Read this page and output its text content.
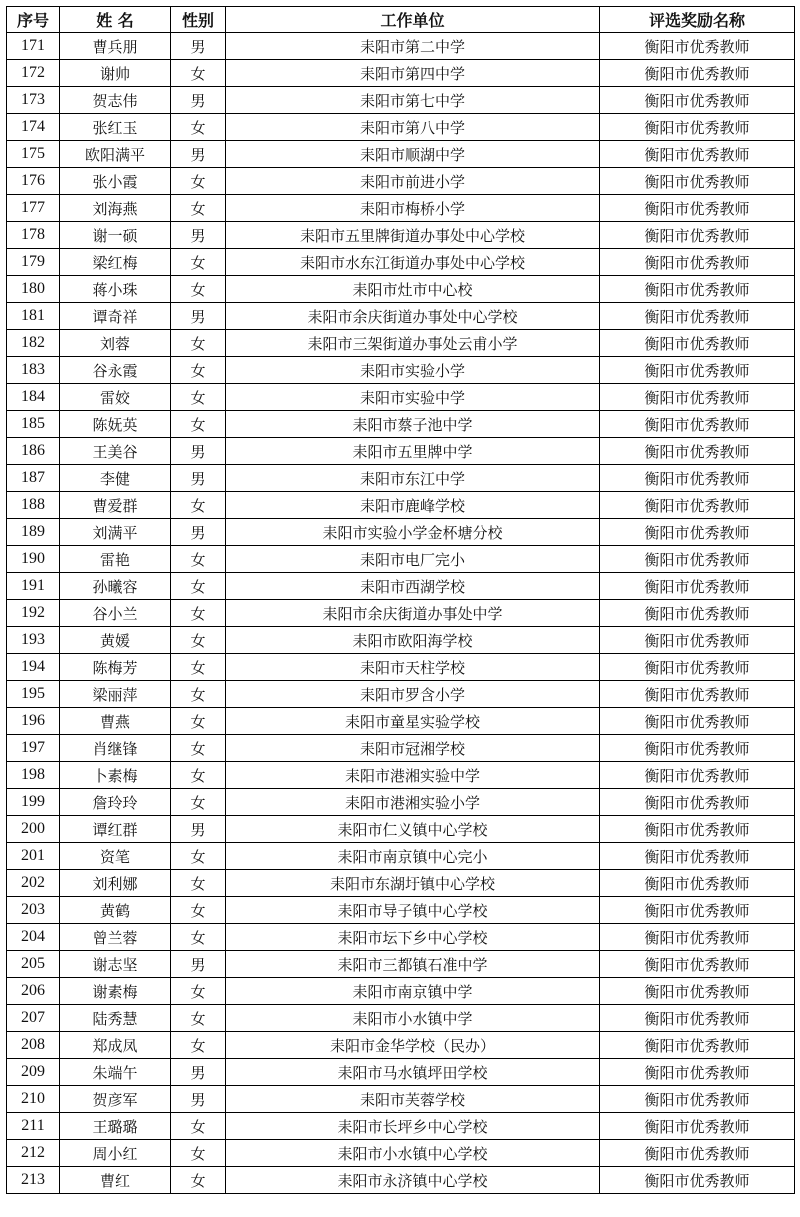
序号	姓 名	性别	工作单位	评选奖励名称
171	曹兵朋	男	耒阳市第二中学	衡阳市优秀教师
172	谢帅	女	耒阳市第四中学	衡阳市优秀教师
173	贺志伟	男	耒阳市第七中学	衡阳市优秀教师
174	张红玉	女	耒阳市第八中学	衡阳市优秀教师
175	欧阳满平	男	耒阳市顺湖中学	衡阳市优秀教师
176	张小霞	女	耒阳市前进小学	衡阳市优秀教师
177	刘海燕	女	耒阳市梅桥小学	衡阳市优秀教师
178	谢一硕	男	耒阳市五里牌街道办事处中心学校	衡阳市优秀教师
179	梁红梅	女	耒阳市水东江街道办事处中心学校	衡阳市优秀教师
180	蒋小珠	女	耒阳市灶市中心校	衡阳市优秀教师
181	谭奇祥	男	耒阳市余庆街道办事处中心学校	衡阳市优秀教师
182	刘蓉	女	耒阳市三架街道办事处云甫小学	衡阳市优秀教师
183	谷永霞	女	耒阳市实验小学	衡阳市优秀教师
184	雷姣	女	耒阳市实验中学	衡阳市优秀教师
185	陈妩英	女	耒阳市蔡子池中学	衡阳市优秀教师
186	王美谷	男	耒阳市五里牌中学	衡阳市优秀教师
187	李健	男	耒阳市东江中学	衡阳市优秀教师
188	曹爱群	女	耒阳市鹿峰学校	衡阳市优秀教师
189	刘满平	男	耒阳市实验小学金杯塘分校	衡阳市优秀教师
190	雷艳	女	耒阳市电厂完小	衡阳市优秀教师
191	孙曦容	女	耒阳市西湖学校	衡阳市优秀教师
192	谷小兰	女	耒阳市余庆街道办事处中学	衡阳市优秀教师
193	黄媛	女	耒阳市欧阳海学校	衡阳市优秀教师
194	陈梅芳	女	耒阳市天柱学校	衡阳市优秀教师
195	梁丽萍	女	耒阳市罗含小学	衡阳市优秀教师
196	曹燕	女	耒阳市童星实验学校	衡阳市优秀教师
197	肖继锋	女	耒阳市冠湘学校	衡阳市优秀教师
198	卜素梅	女	耒阳市港湘实验中学	衡阳市优秀教师
199	詹玲玲	女	耒阳市港湘实验小学	衡阳市优秀教师
200	谭红群	男	耒阳市仁义镇中心学校	衡阳市优秀教师
201	资笔	女	耒阳市南京镇中心完小	衡阳市优秀教师
202	刘利娜	女	耒阳市东湖圩镇中心学校	衡阳市优秀教师
203	黄鹤	女	耒阳市导子镇中心学校	衡阳市优秀教师
204	曾兰蓉	女	耒阳市坛下乡中心学校	衡阳市优秀教师
205	谢志坚	男	耒阳市三都镇石准中学	衡阳市优秀教师
206	谢素梅	女	耒阳市南京镇中学	衡阳市优秀教师
207	陆秀慧	女	耒阳市小水镇中学	衡阳市优秀教师
208	郑成凤	女	耒阳市金华学校（民办）	衡阳市优秀教师
209	朱端午	男	耒阳市马水镇坪田学校	衡阳市优秀教师
210	贺彦军	男	耒阳市芙蓉学校	衡阳市优秀教师
211	王璐璐	女	耒阳市长坪乡中心学校	衡阳市优秀教师
212	周小红	女	耒阳市小水镇中心学校	衡阳市优秀教师
213	曹红	女	耒阳市永济镇中心学校	衡阳市优秀教师
